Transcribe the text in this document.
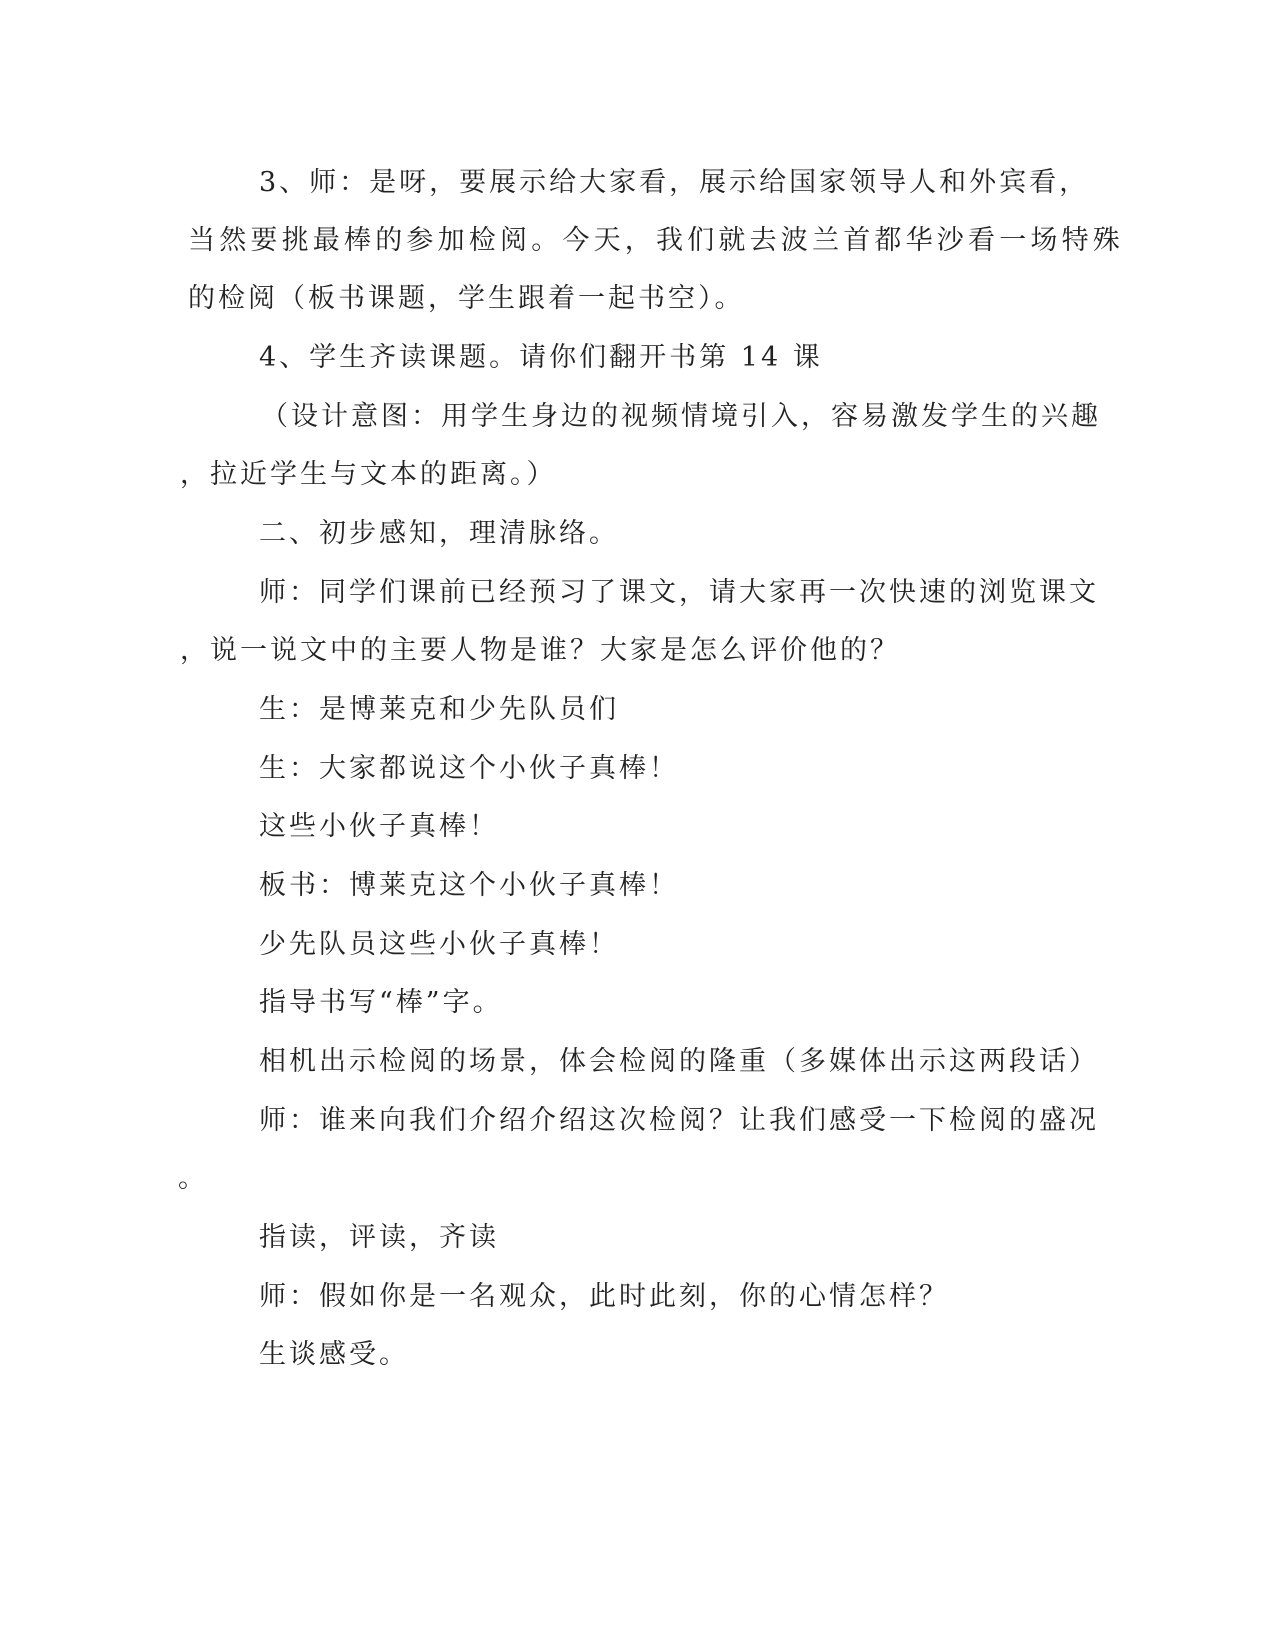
3、师：是呀，要展示给大家看，展示给国家领导人和外宾看，
当然要挑最棒的参加检阅。今天，我们就去波兰首都华沙看一场特殊
的检阅（板书课题，学生跟着一起书空）。
4、学生齐读课题。请你们翻开书第 14 课
（设计意图：用学生身边的视频情境引入，容易激发学生的兴趣
，拉近学生与文本的距离。）
二、初步感知，理清脉络。
师：同学们课前已经预习了课文，请大家再一次快速的浏览课文
，说一说文中的主要人物是谁？大家是怎么评价他的？
生：是博莱克和少先队员们
生：大家都说这个小伙子真棒！
这些小伙子真棒！
板书：博莱克这个小伙子真棒！
少先队员这些小伙子真棒！
指导书写“棒”字。
相机出示检阅的场景，体会检阅的隆重（多媒体出示这两段话）
师：谁来向我们介绍介绍这次检阅？让我们感受一下检阅的盛况
。
指读，评读，齐读
师：假如你是一名观众，此时此刻，你的心情怎样？
生谈感受。
